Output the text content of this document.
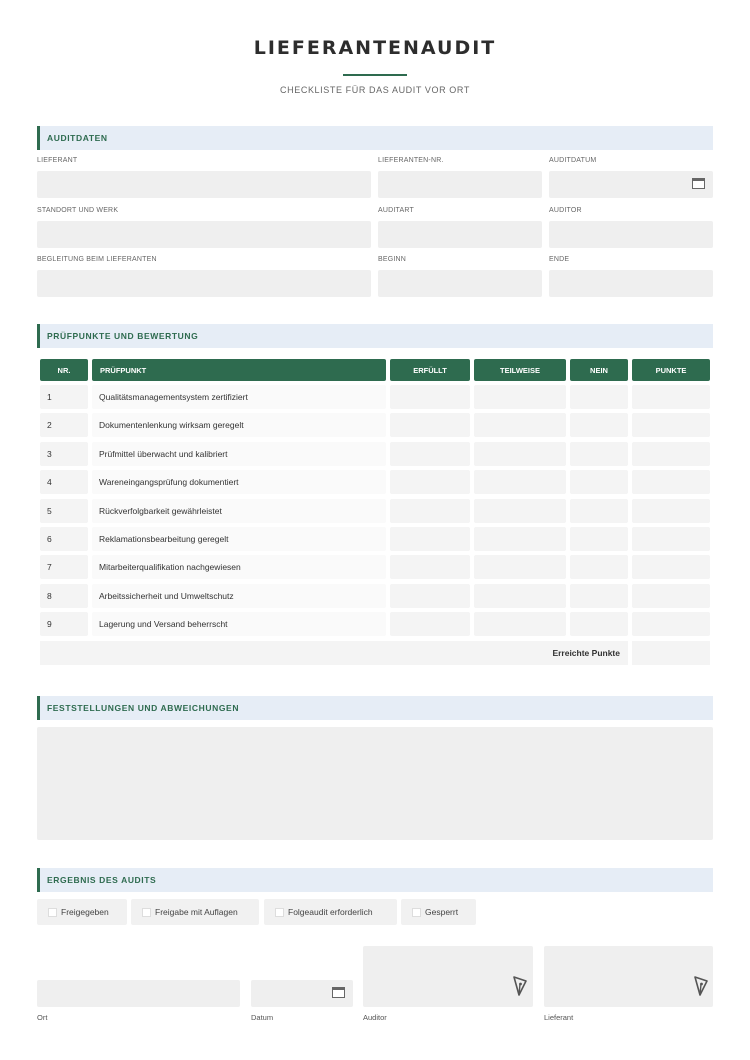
LIEFERANTENAUDIT
CHECKLISTE FÜR DAS AUDIT VOR ORT
AUDITDATEN
LIEFERANT	LIEFERANTEN-NR.	AUDITDATUM
STANDORT UND WERK	AUDITART	AUDITOR
BEGLEITUNG BEIM LIEFERANTEN	BEGINN	ENDE
PRÜFPUNKTE UND BEWERTUNG
NR.	PRÜFPUNKT	ERFÜLLT	TEILWEISE	NEIN	PUNKTE
1	Qualitätsmanagementsystem zertifiziert
2	Dokumentenlenkung wirksam geregelt
3	Prüfmittel überwacht und kalibriert
4	Wareneingangsprüfung dokumentiert
5	Rückverfolgbarkeit gewährleistet
6	Reklamationsbearbeitung geregelt
7	Mitarbeiterqualifikation nachgewiesen
8	Arbeitssicherheit und Umweltschutz
9	Lagerung und Versand beherrscht
Erreichte Punkte
FESTSTELLUNGEN UND ABWEICHUNGEN
ERGEBNIS DES AUDITS
Freigegeben	Freigabe mit Auflagen	Folgeaudit erforderlich	Gesperrt
Ort	Datum	Auditor	Lieferant
